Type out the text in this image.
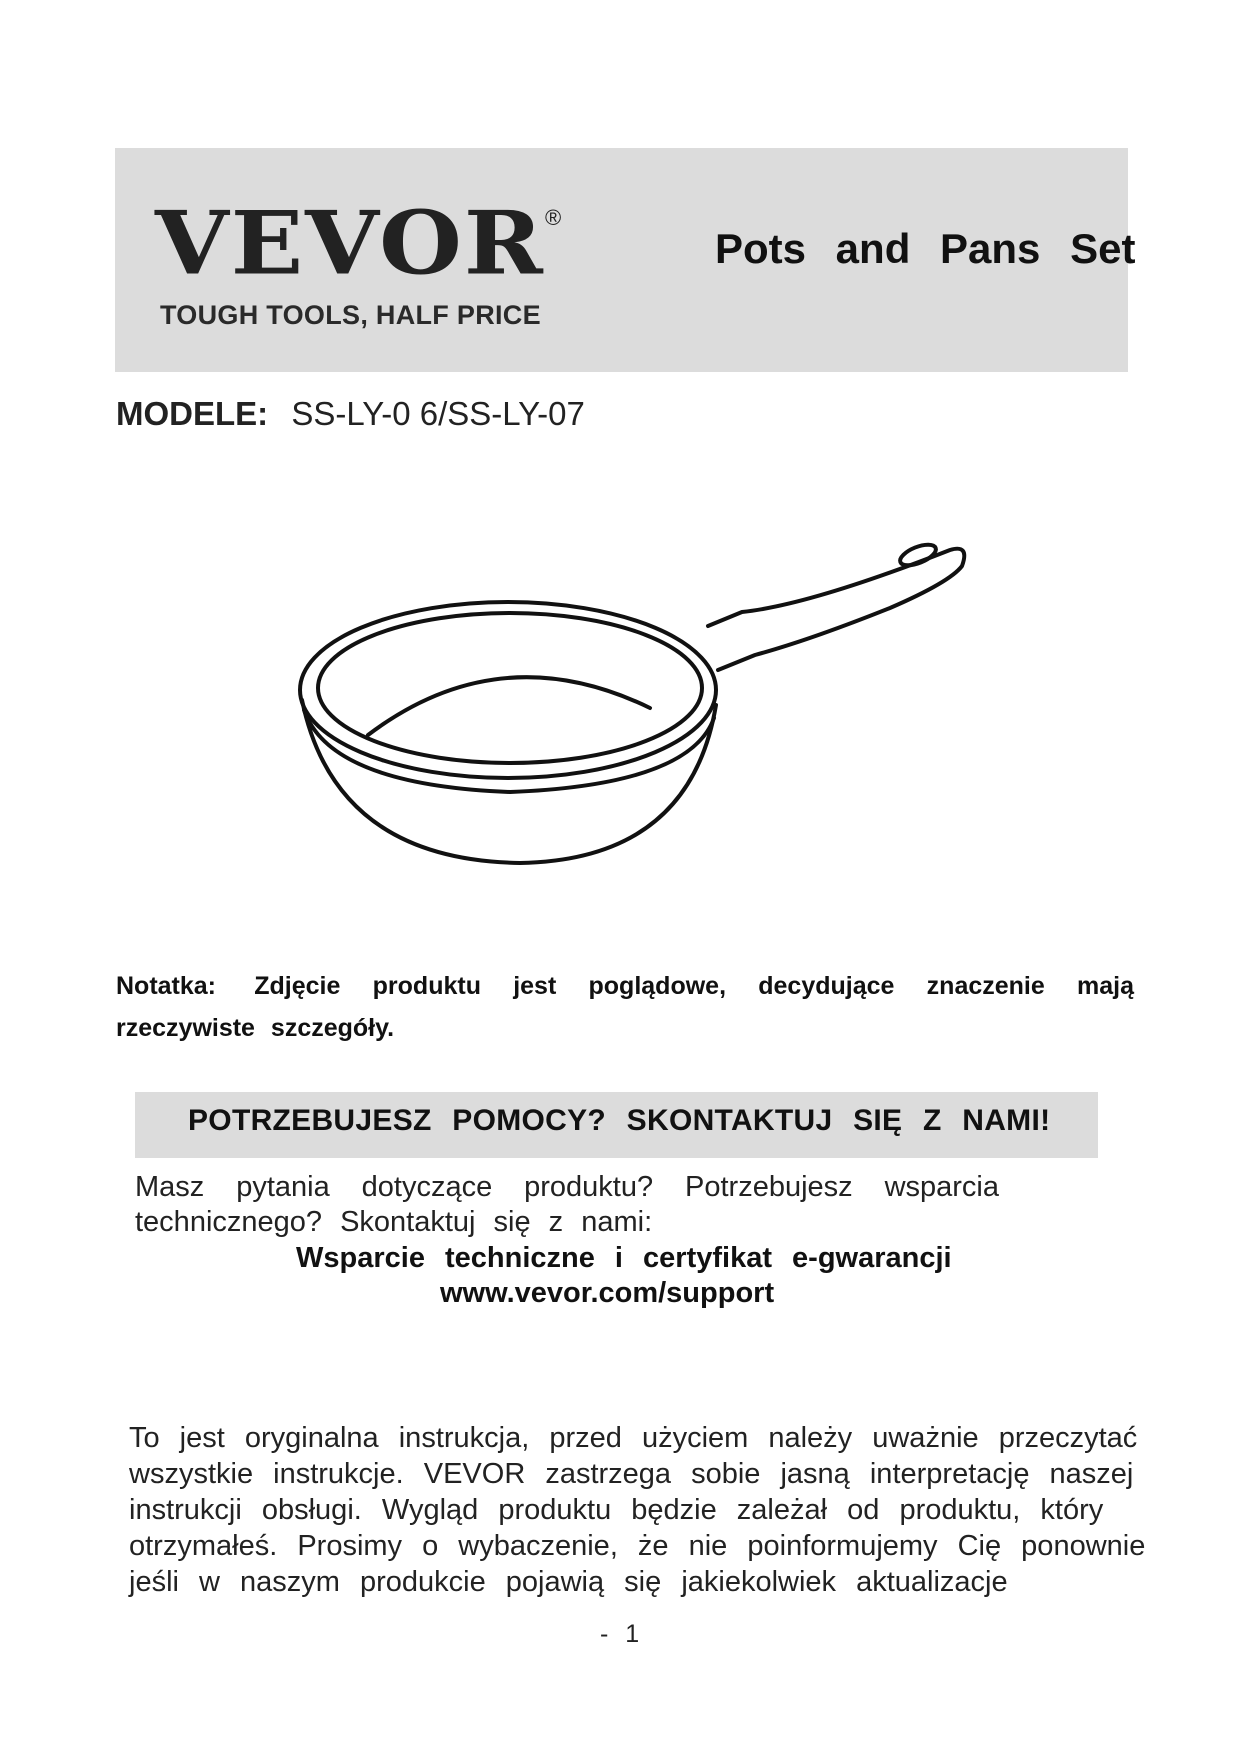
VEVOR ®
TOUGH TOOLS, HALF PRICE
Pots and Pans Set
MODELE: SS-LY-0 6/SS-LY-07
Notatka: Zdjęcie produktu jest poglądowe, decydujące znaczenie mają rzeczywiste szczegóły.
POTRZEBUJESZ POMOCY? SKONTAKTUJ SIĘ Z NAMI!
Masz pytania dotyczące produktu? Potrzebujesz wsparcia technicznego? Skontaktuj się z nami:
Wsparcie techniczne i certyfikat e-gwarancji
www.vevor.com/support
To jest oryginalna instrukcja, przed użyciem należy uważnie przeczytać
wszystkie instrukcje. VEVOR zastrzega sobie jasną interpretację naszej
instrukcji obsługi. Wygląd produktu będzie zależał od produktu, który
otrzymałeś. Prosimy o wybaczenie, że nie poinformujemy Cię ponownie
jeśli w naszym produkcie pojawią się jakiekolwiek aktualizacje
- 1
